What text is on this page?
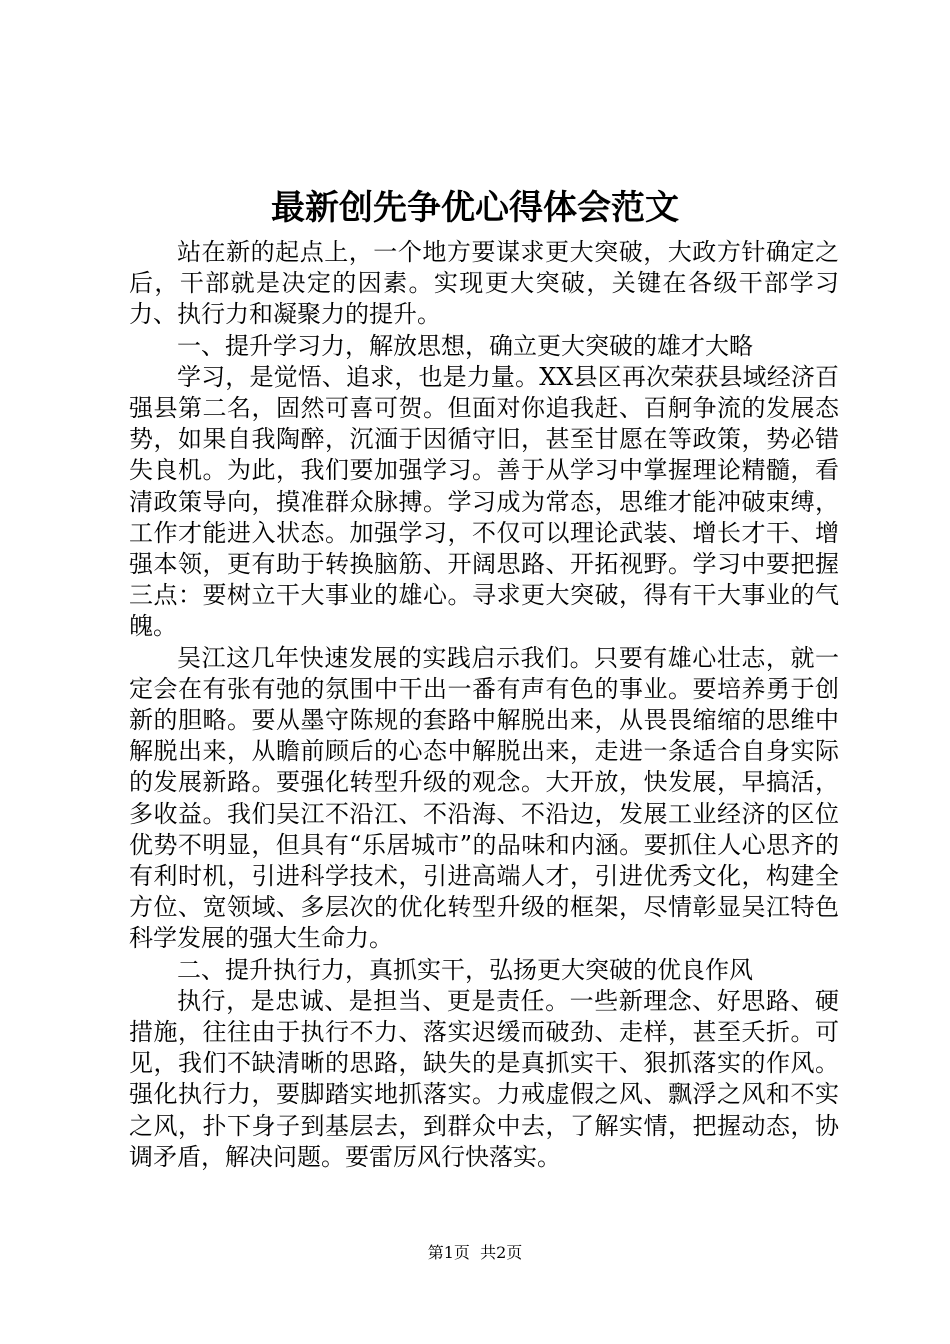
最新创先争优心得体会范文

站在新的起点上，一个地方要谋求更大突破，大政方针确定之后，干部就是决定的因素。实现更大突破，关键在各级干部学习力、执行力和凝聚力的提升。

一、提升学习力，解放思想，确立更大突破的雄才大略

学习，是觉悟、追求，也是力量。XX县区再次荣获县域经济百强县第二名，固然可喜可贺。但面对你追我赶、百舸争流的发展态势，如果自我陶醉，沉湎于因循守旧，甚至甘愿在等政策，势必错失良机。为此，我们要加强学习。善于从学习中掌握理论精髓，看清政策导向，摸准群众脉搏。学习成为常态，思维才能冲破束缚，工作才能进入状态。加强学习，不仅可以理论武装、增长才干、增强本领，更有助于转换脑筋、开阔思路、开拓视野。学习中要把握三点：要树立干大事业的雄心。寻求更大突破，得有干大事业的气魄。

吴江这几年快速发展的实践启示我们。只要有雄心壮志，就一定会在有张有弛的氛围中干出一番有声有色的事业。要培养勇于创新的胆略。要从墨守陈规的套路中解脱出来，从畏畏缩缩的思维中解脱出来，从瞻前顾后的心态中解脱出来，走进一条适合自身实际的发展新路。要强化转型升级的观念。大开放，快发展，早搞活，多收益。我们吴江不沿江、不沿海、不沿边，发展工业经济的区位优势不明显，但具有“乐居城市”的品味和内涵。要抓住人心思齐的有利时机，引进科学技术，引进高端人才，引进优秀文化，构建全方位、宽领域、多层次的优化转型升级的框架，尽情彰显吴江特色科学发展的强大生命力。

二、提升执行力，真抓实干，弘扬更大突破的优良作风

执行，是忠诚、是担当、更是责任。一些新理念、好思路、硬措施，往往由于执行不力、落实迟缓而破劲、走样，甚至夭折。可见，我们不缺清晰的思路，缺失的是真抓实干、狠抓落实的作风。强化执行力，要脚踏实地抓落实。力戒虚假之风、飘浮之风和不实之风，扑下身子到基层去，到群众中去，了解实情，把握动态，协调矛盾，解决问题。要雷厉风行快落实。

第1页 共2页
